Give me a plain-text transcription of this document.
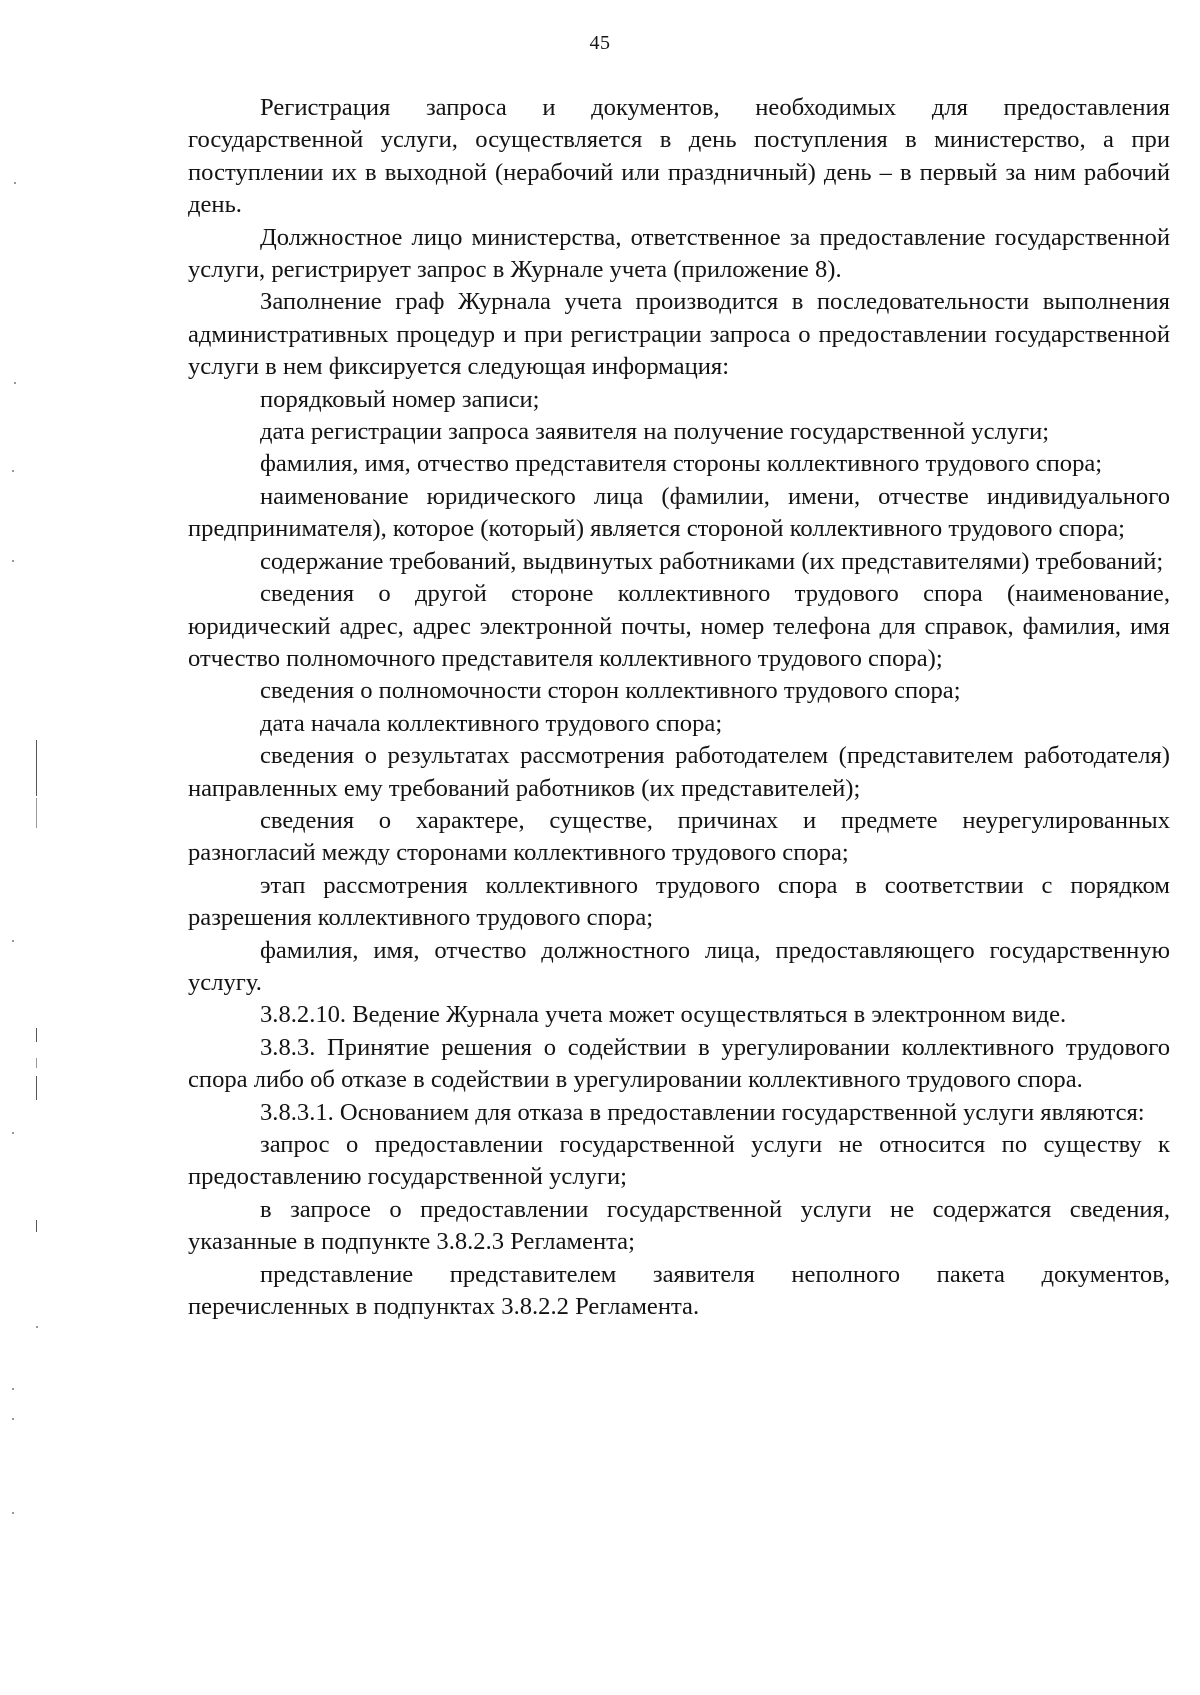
45

Регистрация запроса и документов, необходимых для предоставления государственной услуги, осуществляется в день поступления в министерство, а при поступлении их в выходной (нерабочий или праздничный) день – в первый за ним рабочий день.

Должностное лицо министерства, ответственное за предоставление государственной услуги, регистрирует запрос в Журнале учета (приложение 8).

Заполнение граф Журнала учета производится в последовательности выполнения административных процедур и при регистрации запроса о предоставлении государственной услуги в нем фиксируется следующая информация:

порядковый номер записи;

дата регистрации запроса заявителя на получение государственной услуги;

фамилия, имя, отчество представителя стороны коллективного трудового спора;

наименование юридического лица (фамилии, имени, отчестве индивидуального предпринимателя), которое (который) является стороной коллективного трудового спора;

содержание требований, выдвинутых работниками (их представителями) требований;

сведения о другой стороне коллективного трудового спора (наименование, юридический адрес, адрес электронной почты, номер телефона для справок, фамилия, имя отчество полномочного представителя коллективного трудового спора);

сведения о полномочности сторон коллективного трудового спора;

дата начала коллективного трудового спора;

сведения о результатах рассмотрения работодателем (представителем работодателя) направленных ему требований работников (их представителей);

сведения о характере, существе, причинах и предмете неурегулированных разногласий между сторонами коллективного трудового спора;

этап рассмотрения коллективного трудового спора в соответствии с порядком разрешения коллективного трудового спора;

фамилия, имя, отчество должностного лица, предоставляющего государственную услугу.

3.8.2.10. Ведение Журнала учета может осуществляться в электронном виде.

3.8.3. Принятие решения о содействии в урегулировании коллективного трудового спора либо об отказе в содействии в урегулировании коллективного трудового спора.

3.8.3.1. Основанием для отказа в предоставлении государственной услуги являются:

запрос о предоставлении государственной услуги не относится по существу к предоставлению государственной услуги;

в запросе о предоставлении государственной услуги не содержатся сведения, указанные в подпункте 3.8.2.3 Регламента;

представление представителем заявителя неполного пакета документов, перечисленных в подпунктах 3.8.2.2 Регламента.
